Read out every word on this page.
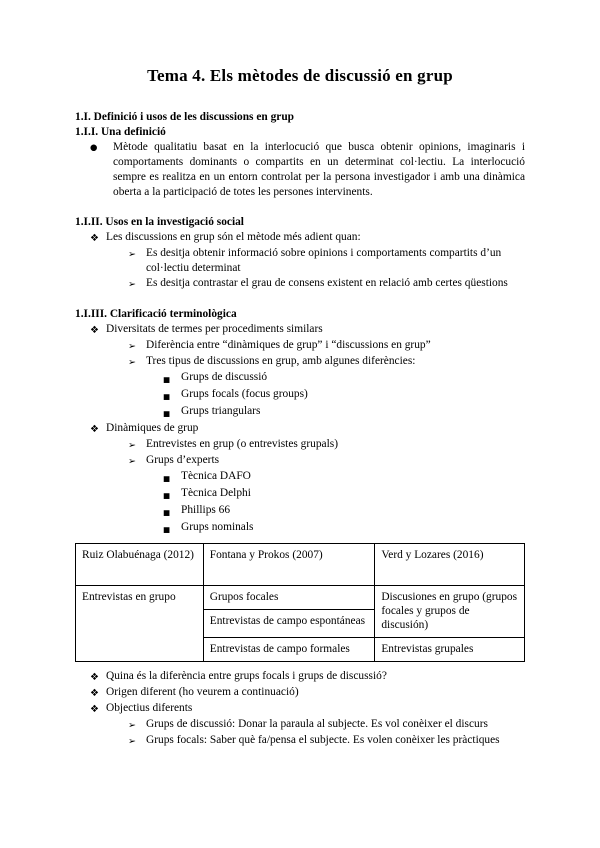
Tema 4. Els mètodes de discussió en grup
1.I. Definició i usos de les discussions en grup
1.I.I. Una definició
●	Mètode qualitatiu basat en la interlocució que busca obtenir opinions, imaginaris i comportaments dominants o compartits en un determinat col·lectiu. La interlocució sempre es realitza en un entorn controlat per la persona investigador i amb una dinàmica oberta a la participació de totes les persones intervinents.
1.I.II. Usos en la investigació social
❖ Les discussions en grup són el mètode més adient quan:
➢ Es desitja obtenir informació sobre opinions i comportaments compartits d’un col·lectiu determinat
➢ Es desitja contrastar el grau de consens existent en relació amb certes qüestions
1.I.III. Clarificació terminològica
❖ Diversitats de termes per procediments similars
➢ Diferència entre “dinàmiques de grup” i “discussions en grup”
➢ Tres tipus de discussions en grup, amb algunes diferències:
■ Grups de discussió
■ Grups focals (focus groups)
■ Grups triangulars
❖ Dinàmiques de grup
➢ Entrevistes en grup (o entrevistes grupals)
➢ Grups d’experts
■ Tècnica DAFO
■ Tècnica Delphi
■ Phillips 66
■ Grups nominals
Ruiz Olabuénaga (2012)	Fontana y Prokos (2007)	Verd y Lozares (2016)
Entrevistas en grupo	Grupos focales	Discusiones en grupo (grupos focales y grupos de discusión)
	Entrevistas de campo espontáneas	
	Entrevistas de campo formales	Entrevistas grupales
❖ Quina és la diferència entre grups focals i grups de discussió?
❖ Origen diferent (ho veurem a continuació)
❖ Objectius diferents
➢ Grups de discussió: Donar la paraula al subjecte. Es vol conèixer el discurs
➢ Grups focals: Saber què fa/pensa el subjecte. Es volen conèixer les pràctiques
